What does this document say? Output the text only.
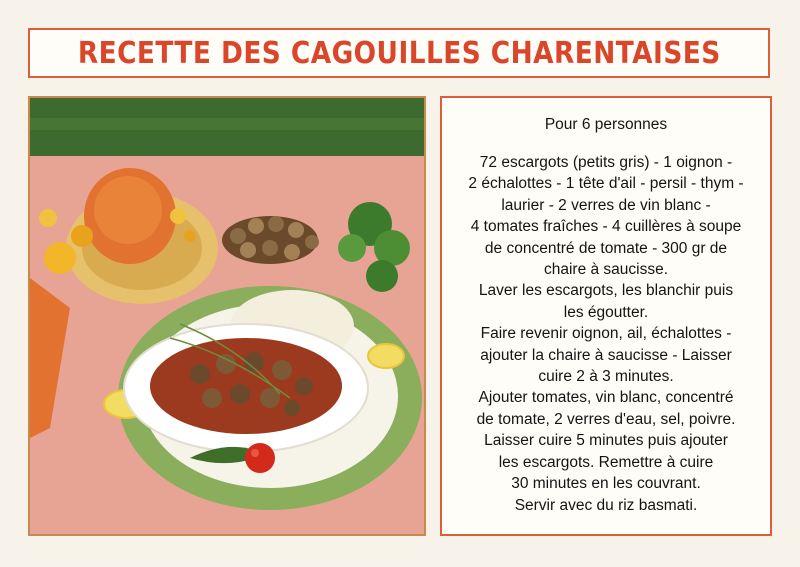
RECETTE DES CAGOUILLES CHARENTAISES
Pour 6 personnes
72 escargots (petits gris) - 1 oignon -
2 échalottes - 1 tête d'ail - persil - thym -
laurier - 2 verres de vin blanc -
4 tomates fraîches - 4 cuillères à soupe
de concentré de tomate - 300 gr de
chaire à saucisse.
Laver les escargots, les blanchir puis
les égoutter.
Faire revenir oignon, ail, échalottes -
ajouter la chaire à saucisse - Laisser
cuire 2 à 3 minutes.
Ajouter tomates, vin blanc, concentré
de tomate, 2 verres d'eau, sel, poivre.
Laisser cuire 5 minutes puis ajouter
les escargots. Remettre à cuire
30 minutes en les couvrant.
Servir avec du riz basmati.
